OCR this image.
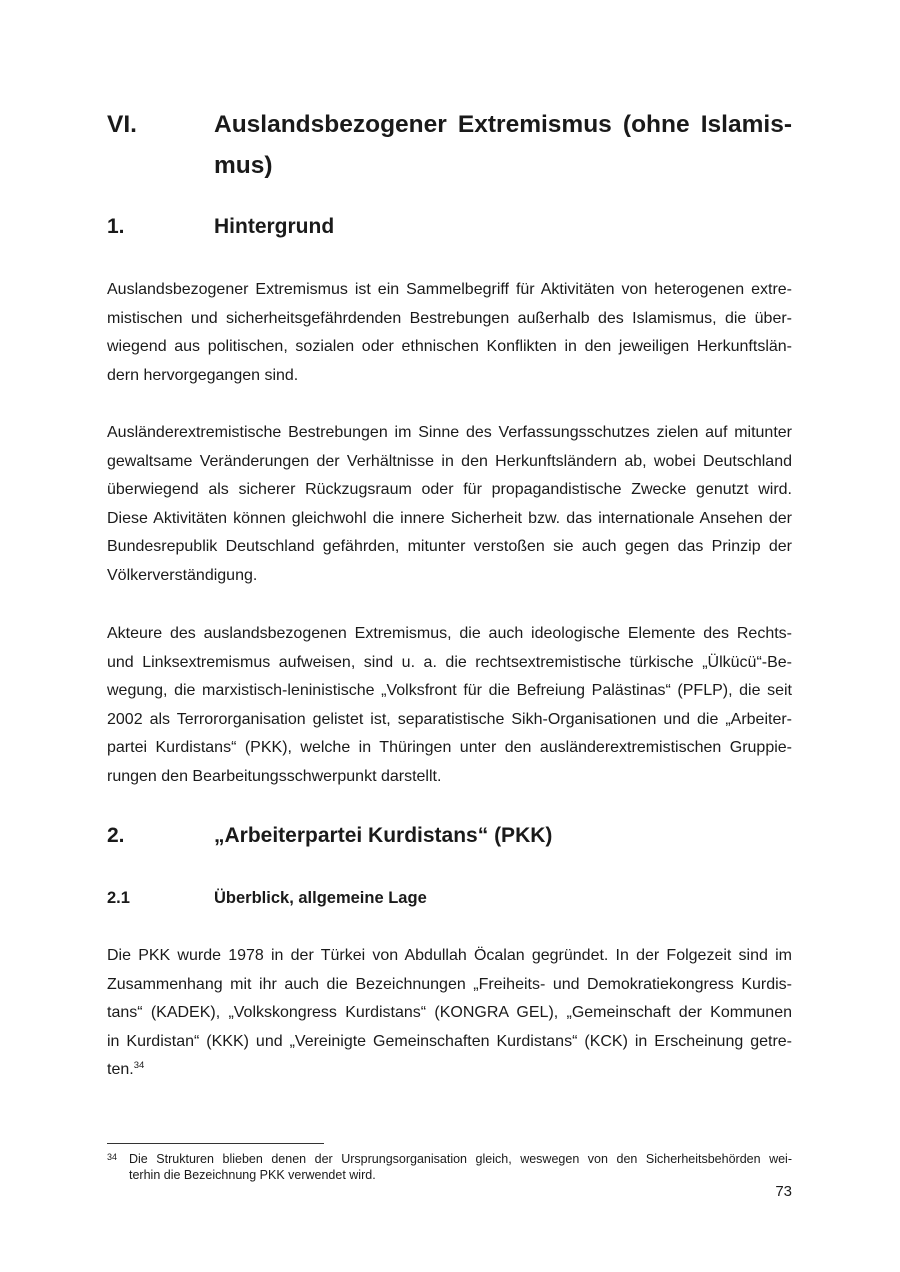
VI.	Auslandsbezogener Extremismus (ohne Islamis-
mus)
1.	Hintergrund
Auslandsbezogener Extremismus ist ein Sammelbegriff für Aktivitäten von heterogenen extre-
mistischen und sicherheitsgefährdenden Bestrebungen außerhalb des Islamismus, die über-
wiegend aus politischen, sozialen oder ethnischen Konflikten in den jeweiligen Herkunftslän-
dern hervorgegangen sind.
Ausländerextremistische Bestrebungen im Sinne des Verfassungsschutzes zielen auf mitunter
gewaltsame Veränderungen der Verhältnisse in den Herkunftsländern ab, wobei Deutschland
überwiegend als sicherer Rückzugsraum oder für propagandistische Zwecke genutzt wird.
Diese Aktivitäten können gleichwohl die innere Sicherheit bzw. das internationale Ansehen der
Bundesrepublik Deutschland gefährden, mitunter verstoßen sie auch gegen das Prinzip der
Völkerverständigung.
Akteure des auslandsbezogenen Extremismus, die auch ideologische Elemente des Rechts-
und Linksextremismus aufweisen, sind u. a. die rechtsextremistische türkische „Ülkücü“-Be-
wegung, die marxistisch-leninistische „Volksfront für die Befreiung Palästinas“ (PFLP), die seit
2002 als Terrororganisation gelistet ist, separatistische Sikh-Organisationen und die „Arbeiter-
partei Kurdistans“ (PKK), welche in Thüringen unter den ausländerextremistischen Gruppie-
rungen den Bearbeitungsschwerpunkt darstellt.
2.	„Arbeiterpartei Kurdistans“ (PKK)
2.1	Überblick, allgemeine Lage
Die PKK wurde 1978 in der Türkei von Abdullah Öcalan gegründet. In der Folgezeit sind im
Zusammenhang mit ihr auch die Bezeichnungen „Freiheits- und Demokratiekongress Kurdis-
tans“ (KADEK), „Volkskongress Kurdistans“ (KONGRA GEL), „Gemeinschaft der Kommunen
in Kurdistan“ (KKK) und „Vereinigte Gemeinschaften Kurdistans“ (KCK) in Erscheinung getre-
ten.$^{34}$
34 Die Strukturen blieben denen der Ursprungsorganisation gleich, weswegen von den Sicherheitsbehörden wei-
terhin die Bezeichnung PKK verwendet wird.
73
